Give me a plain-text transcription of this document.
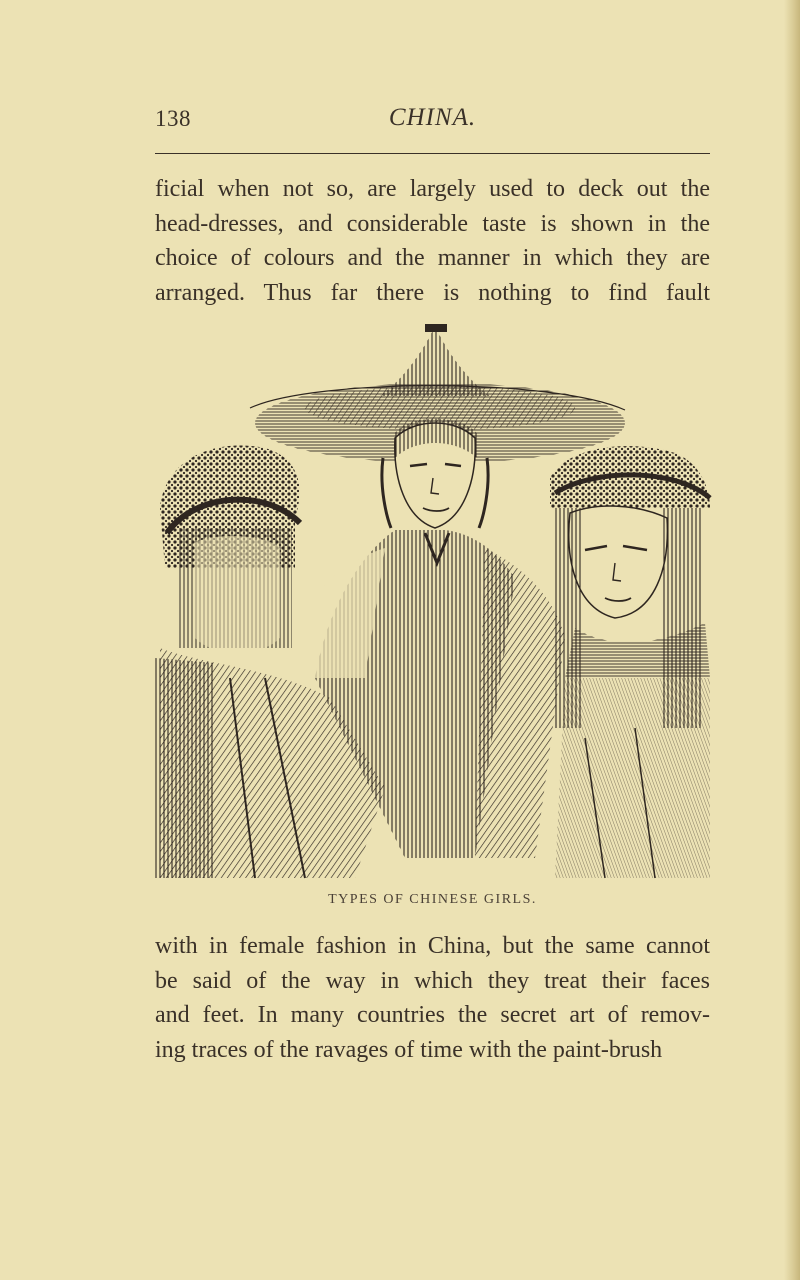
138	CHINA.
ficial when not so, are largely used to deck out the
head-dresses, and considerable taste is shown in the
choice of colours and the manner in which they are
arranged. Thus far there is nothing to find fault
TYPES OF CHINESE GIRLS.
with in female fashion in China, but the same cannot
be said of the way in which they treat their faces
and feet. In many countries the secret art of remov-
ing traces of the ravages of time with the paint-brush
